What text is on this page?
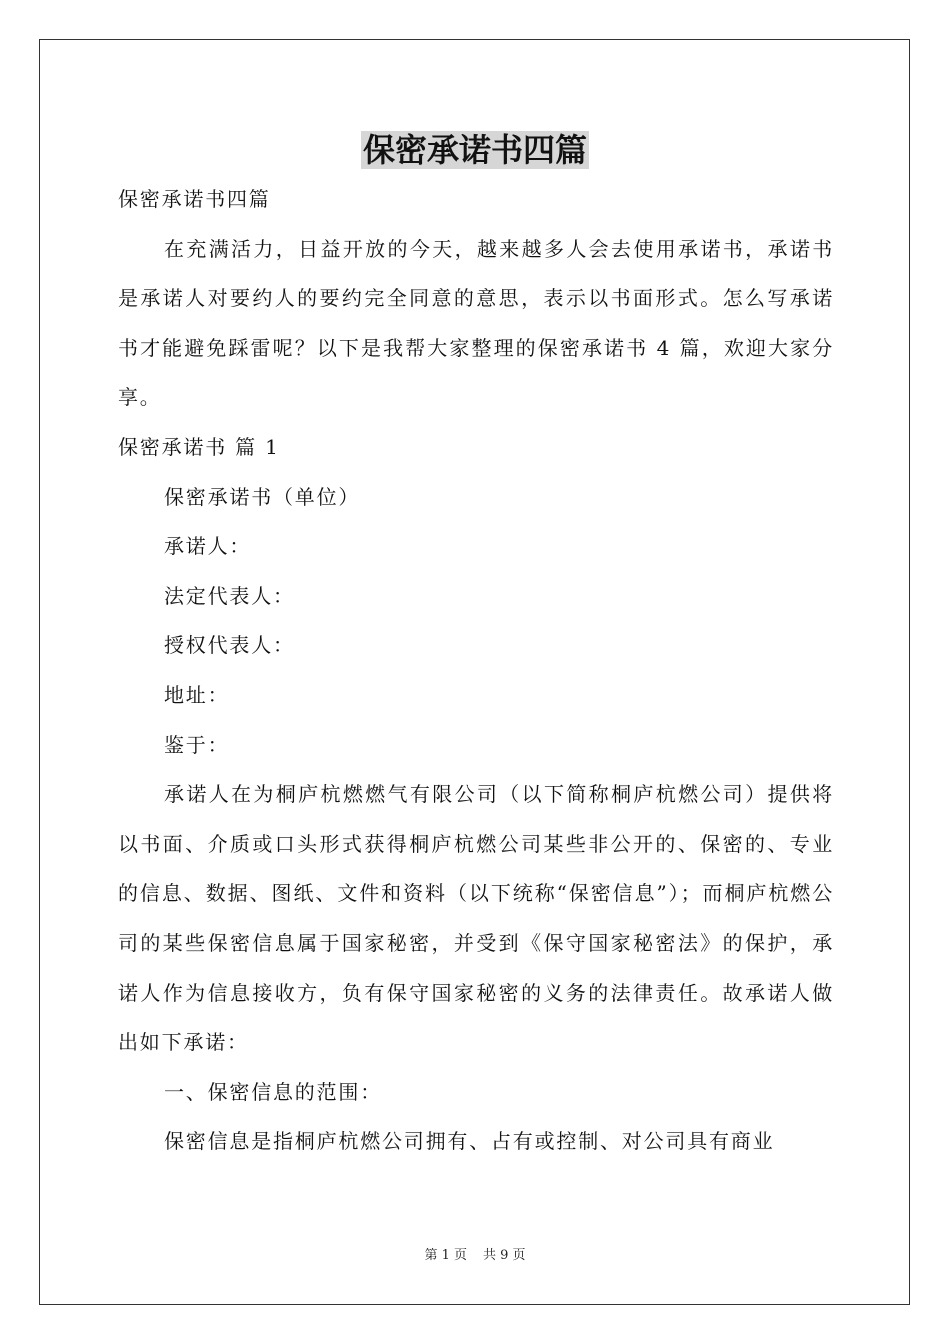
保密承诺书四篇
保密承诺书四篇
在充满活力，日益开放的今天，越来越多人会去使用承诺书，承诺书是承诺人对要约人的要约完全同意的意思，表示以书面形式。怎么写承诺书才能避免踩雷呢？以下是我帮大家整理的保密承诺书 4 篇，欢迎大家分享。
保密承诺书 篇 1
保密承诺书（单位）
承诺人：
法定代表人：
授权代表人：
地址：
鉴于：
承诺人在为桐庐杭燃燃气有限公司（以下简称桐庐杭燃公司）提供将以书面、介质或口头形式获得桐庐杭燃公司某些非公开的、保密的、专业的信息、数据、图纸、文件和资料（以下统称“保密信息”）；而桐庐杭燃公司的某些保密信息属于国家秘密，并受到《保守国家秘密法》的保护，承诺人作为信息接收方，负有保守国家秘密的义务的法律责任。故承诺人做出如下承诺：
一、保密信息的范围：
保密信息是指桐庐杭燃公司拥有、占有或控制、对公司具有商业
第 1 页 共 9 页
